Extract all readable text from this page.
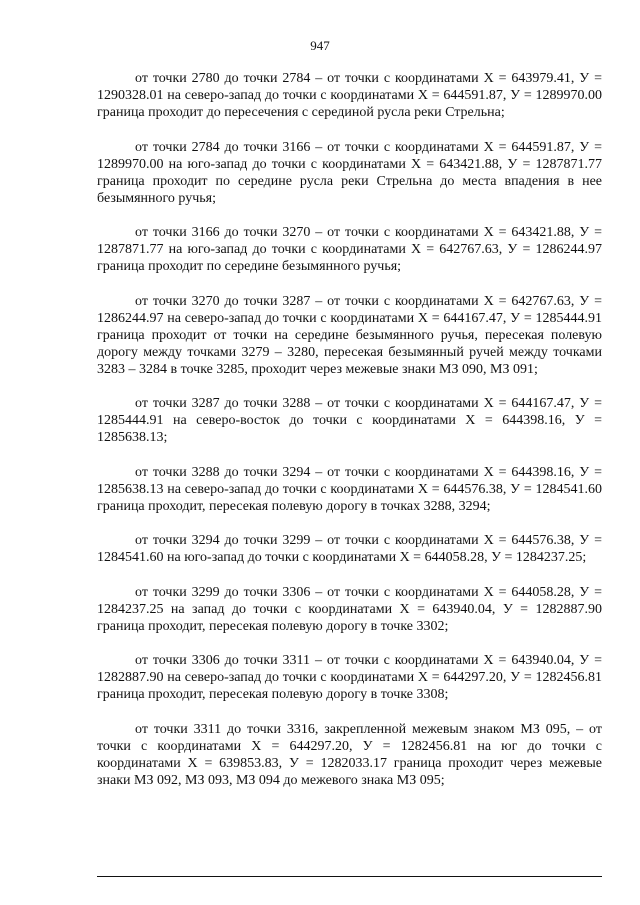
947

от точки 2780 до точки 2784 – от точки с координатами Х = 643979.41, У = 1290328.01 на северо-запад до точки с координатами Х = 644591.87, У = 1289970.00 граница проходит до пересечения с серединой русла реки Стрельна;

от точки 2784 до точки 3166 – от точки с координатами Х = 644591.87, У = 1289970.00 на юго-запад до точки с координатами Х = 643421.88, У = 1287871.77 граница проходит по середине русла реки Стрельна до места впадения в нее безымянного ручья;

от точки 3166 до точки 3270 – от точки с координатами Х = 643421.88, У = 1287871.77 на юго-запад до точки с координатами Х = 642767.63, У = 1286244.97 граница проходит по середине безымянного ручья;

от точки 3270 до точки 3287 – от точки с координатами Х = 642767.63, У = 1286244.97 на северо-запад до точки с координатами Х = 644167.47, У = 1285444.91 граница проходит от точки на середине безымянного ручья, пересекая полевую дорогу между точками 3279 – 3280, пересекая безымянный ручей между точками 3283 – 3284 в точке 3285, проходит через межевые знаки МЗ 090, МЗ 091;

от точки 3287 до точки 3288 – от точки с координатами Х = 644167.47, У = 1285444.91 на северо-восток до точки с координатами Х = 644398.16, У = 1285638.13;

от точки 3288 до точки 3294 – от точки с координатами Х = 644398.16, У = 1285638.13 на северо-запад до точки с координатами Х = 644576.38, У = 1284541.60 граница проходит, пересекая полевую дорогу в точках 3288, 3294;

от точки 3294 до точки 3299 – от точки с координатами Х = 644576.38, У = 1284541.60 на юго-запад до точки с координатами Х = 644058.28, У = 1284237.25;

от точки 3299 до точки 3306 – от точки с координатами Х = 644058.28, У = 1284237.25 на запад до точки с координатами Х = 643940.04, У = 1282887.90 граница проходит, пересекая полевую дорогу в точке 3302;

от точки 3306 до точки 3311 – от точки с координатами Х = 643940.04, У = 1282887.90 на северо-запад до точки с координатами Х = 644297.20, У = 1282456.81 граница проходит, пересекая полевую дорогу в точке 3308;

от точки 3311 до точки 3316, закрепленной межевым знаком МЗ 095, – от точки с координатами Х = 644297.20, У = 1282456.81 на юг до точки с координатами Х = 639853.83, У = 1282033.17 граница проходит через межевые знаки МЗ 092, МЗ 093, МЗ 094 до межевого знака МЗ 095;
